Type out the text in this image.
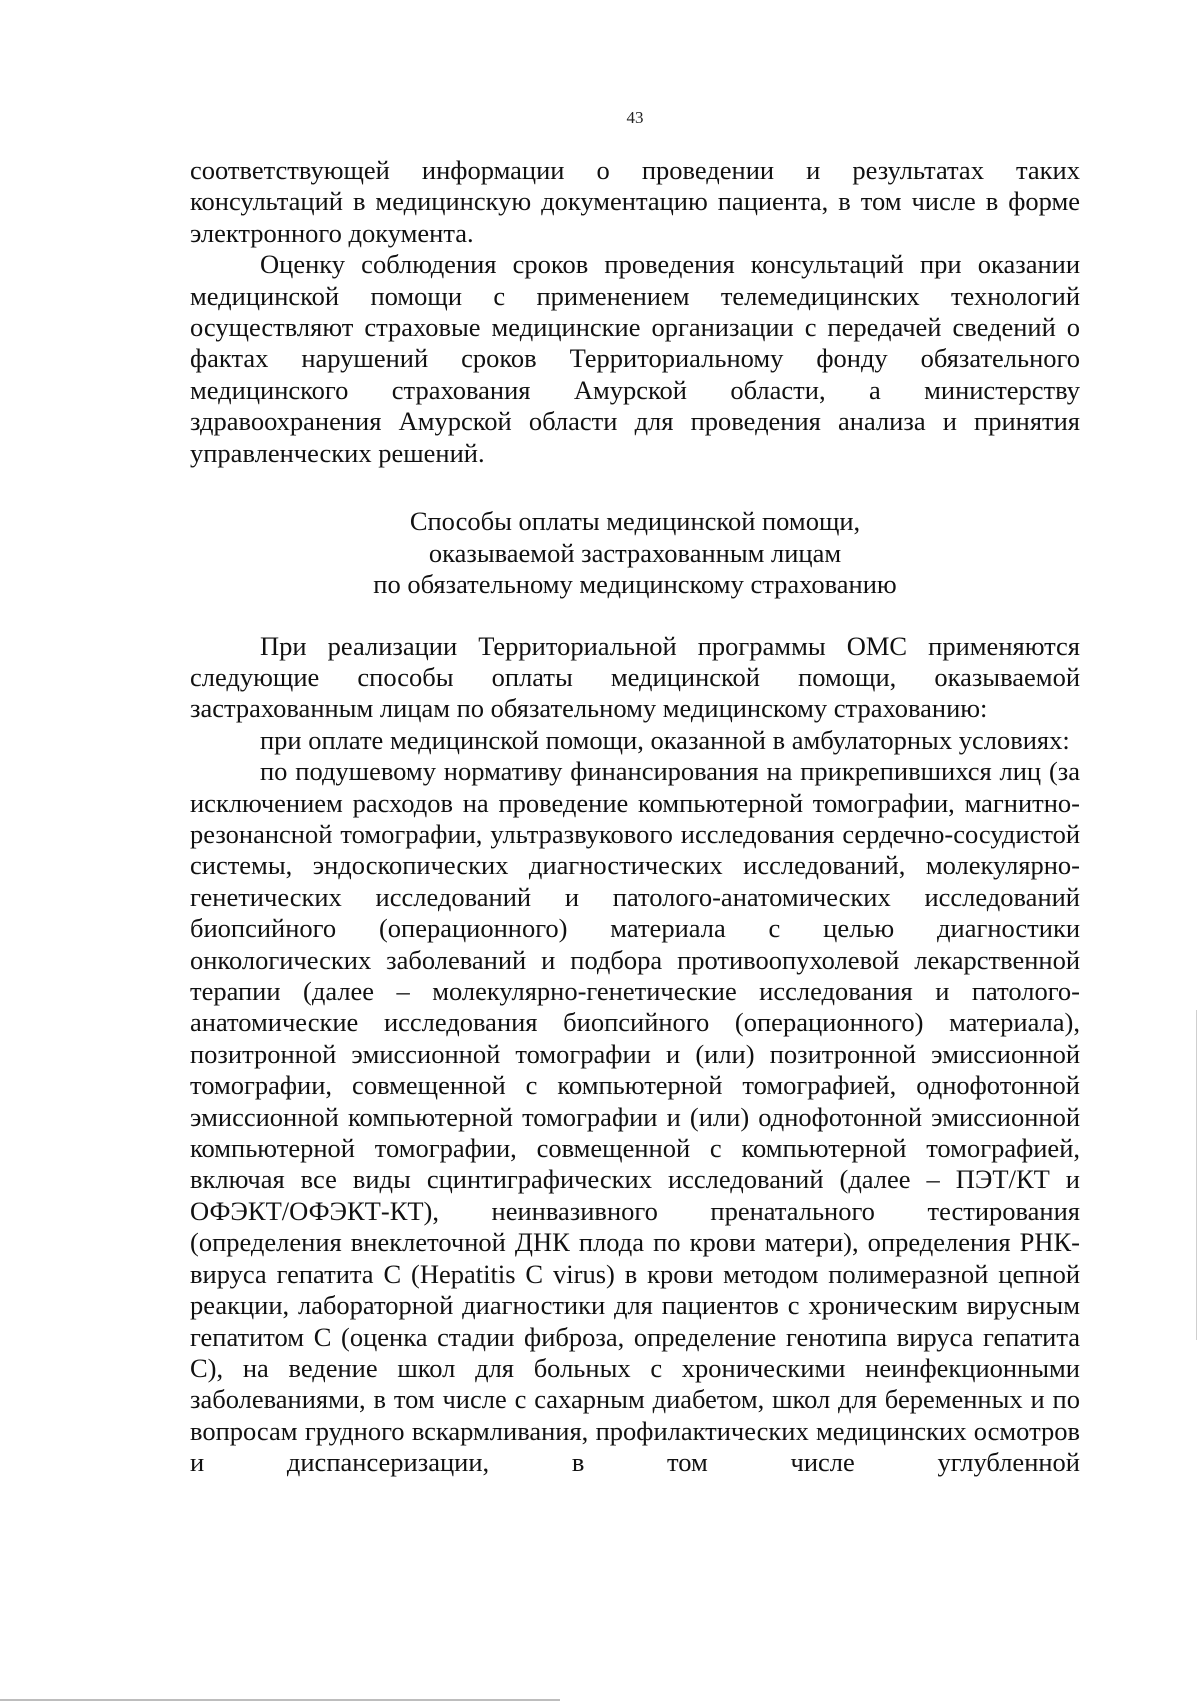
43

соответствующей информации о проведении и результатах таких консультаций в медицинскую документацию пациента, в том числе в форме электронного документа.

Оценку соблюдения сроков проведения консультаций при оказании медицинской помощи с применением телемедицинских технологий осуществляют страховые медицинские организации с передачей сведений о фактах нарушений сроков Территориальному фонду обязательного медицинского страхования Амурской области, а министерству здравоохранения Амурской области для проведения анализа и принятия управленческих решений.

Способы оплаты медицинской помощи,
оказываемой застрахованным лицам
по обязательному медицинскому страхованию

При реализации Территориальной программы ОМС применяются следующие способы оплаты медицинской помощи, оказываемой застрахованным лицам по обязательному медицинскому страхованию:

при оплате медицинской помощи, оказанной в амбулаторных условиях:

по подушевому нормативу финансирования на прикрепившихся лиц (за исключением расходов на проведение компьютерной томографии, магнитно-резонансной томографии, ультразвукового исследования сердечно-сосудистой системы, эндоскопических диагностических исследований, молекулярно-генетических исследований и патолого-анатомических исследований биопсийного (операционного) материала с целью диагностики онкологических заболеваний и подбора противоопухолевой лекарственной терапии (далее – молекулярно-генетические исследования и патолого-анатомические исследования биопсийного (операционного) материала), позитронной эмиссионной томографии и (или) позитронной эмиссионной томографии, совмещенной с компьютерной томографией, однофотонной эмиссионной компьютерной томографии и (или) однофотонной эмиссионной компьютерной томографии, совмещенной с компьютерной томографией, включая все виды сцинтиграфических исследований (далее – ПЭТ/КТ и ОФЭКТ/ОФЭКТ-КТ), неинвазивного пренатального тестирования (определения внеклеточной ДНК плода по крови матери), определения РНК-вируса гепатита C (Hepatitis C virus) в крови методом полимеразной цепной реакции, лабораторной диагностики для пациентов с хроническим вирусным гепатитом C (оценка стадии фиброза, определение генотипа вируса гепатита C), на ведение школ для больных с хроническими неинфекционными заболеваниями, в том числе с сахарным диабетом, школ для беременных и по вопросам грудного вскармливания, профилактических медицинских осмотров и диспансеризации, в том числе углубленной
